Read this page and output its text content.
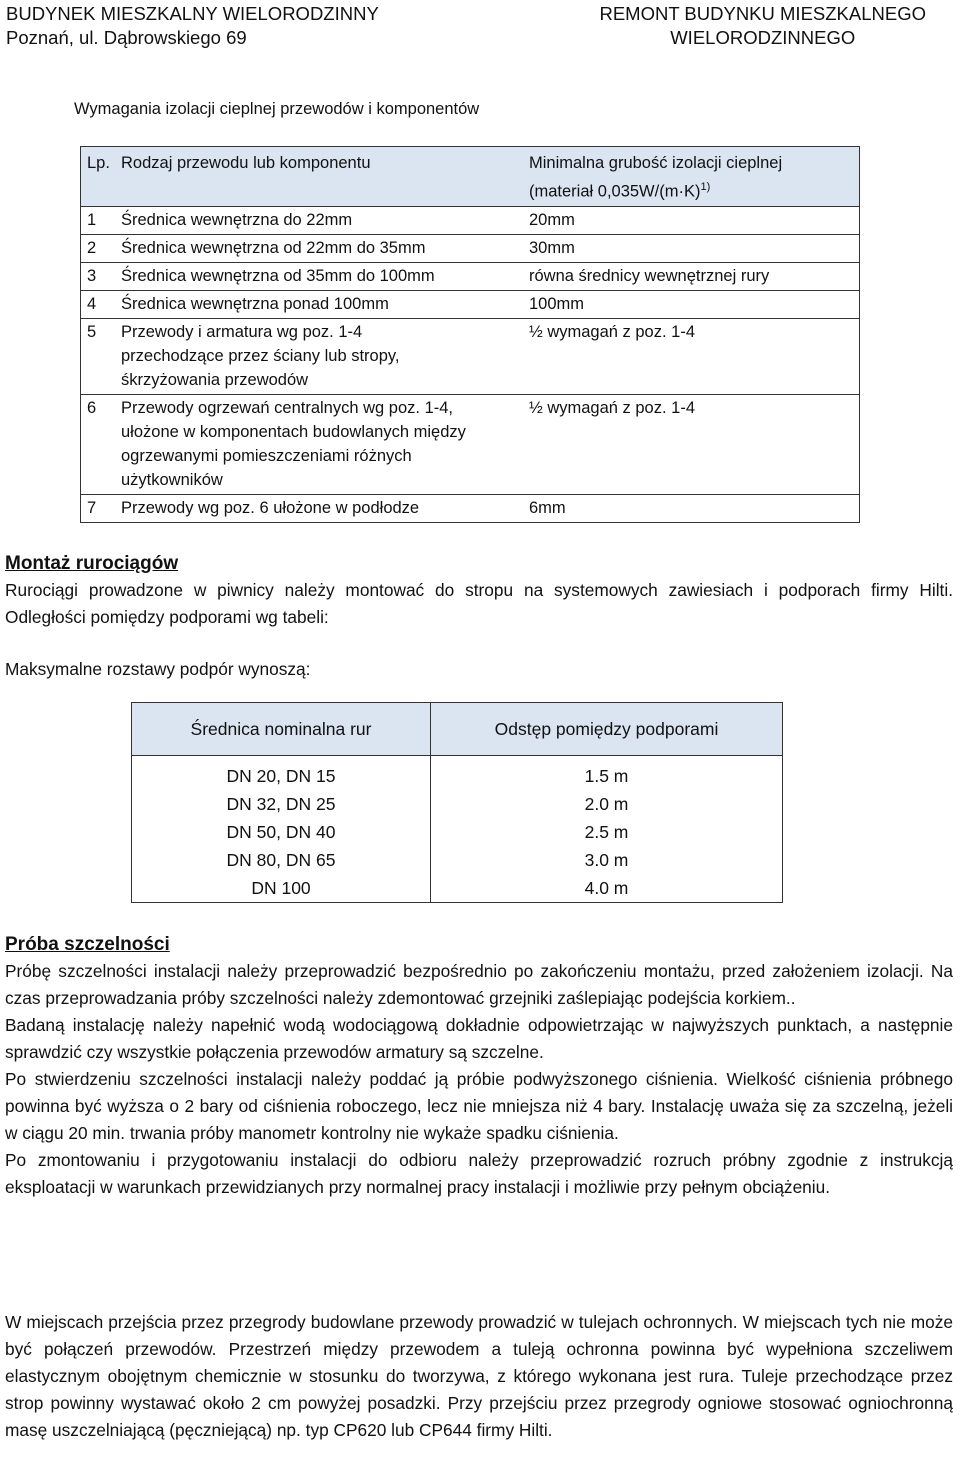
BUDYNEK MIESZKALNY WIELORODZINNY
Poznań, ul. Dąbrowskiego 69
REMONT BUDYNKU MIESZKALNEGO
WIELORODZINNEGO
Wymagania izolacji cieplnej przewodów i komponentów
Lp.	Rodzaj przewodu lub komponentu	Minimalna grubość izolacji cieplnej
(materiał $0,035W/(m\cdot K)^{1)}$

1	Średnica wewnętrzna do 22mm	20mm
2	Średnica wewnętrzna od 22mm do 35mm	30mm
3	Średnica wewnętrzna od 35mm do 100mm	równa średnicy wewnętrznej rury
4	Średnica wewnętrzna ponad 100mm	100mm
5	Przewody i armatura wg poz. 1-4
przechodzące przez ściany lub stropy,
śkrzyżowania przewodów	½ wymagań z poz. 1-4
6	Przewody ogrzewań centralnych wg poz. 1-4,
ułożone w komponentach budowlanych między
ogrzewanymi pomieszczeniami różnych
użytkowników	½ wymagań z poz. 1-4
7	Przewody wg poz. 6 ułożone w podłodze	6mm
Montaż rurociągów

Rurociągi prowadzone w piwnicy należy montować do stropu na systemowych zawiesiach i podporach firmy Hilti. Odległości pomiędzy podporami wg tabeli:

Maksymalne rozstawy podpór wynoszą:

Średnica nominalna rur	Odstęp pomiędzy podporami
DN 20, DN 15	1.5 m
DN 32, DN 25	2.0 m
DN 50, DN 40	2.5 m
DN 80, DN 65	3.0 m
DN 100	4.0 m
Próba szczelności

Próbę szczelności instalacji należy przeprowadzić bezpośrednio po zakończeniu montażu, przed założeniem izolacji. Na czas przeprowadzania próby szczelności należy zdemontować grzejniki zaślepiając podejścia korkiem..

Badaną instalację należy napełnić wodą wodociągową dokładnie odpowietrzając w najwyższych punktach, a następnie sprawdzić czy wszystkie połączenia przewodów armatury są szczelne.

Po stwierdzeniu szczelności instalacji należy poddać ją próbie podwyższonego ciśnienia. Wielkość ciśnienia próbnego powinna być wyższa o 2 bary od ciśnienia roboczego, lecz nie mniejsza niż 4 bary. Instalację uważa się za szczelną, jeżeli w ciągu 20 min. trwania próby manometr kontrolny nie wykaże spadku ciśnienia.

Po zmontowaniu i przygotowaniu instalacji do odbioru należy przeprowadzić rozruch próbny zgodnie z instrukcją eksploatacji w warunkach przewidzianych przy normalnej pracy instalacji i możliwie przy pełnym obciążeniu.

W miejscach przejścia przez przegrody budowlane przewody prowadzić w tulejach ochronnych. W miejscach tych nie może być połączeń przewodów. Przestrzeń między przewodem a tuleją ochronna powinna być wypełniona szczeliwem elastycznym obojętnym chemicznie w stosunku do tworzywa, z którego wykonana jest rura. Tuleje przechodzące przez strop powinny wystawać około 2 cm powyżej posadzki. Przy przejściu przez przegrody ogniowe stosować ogniochronną masę uszczelniającą (pęczniejącą) np. typ CP620 lub CP644 firmy Hilti.
